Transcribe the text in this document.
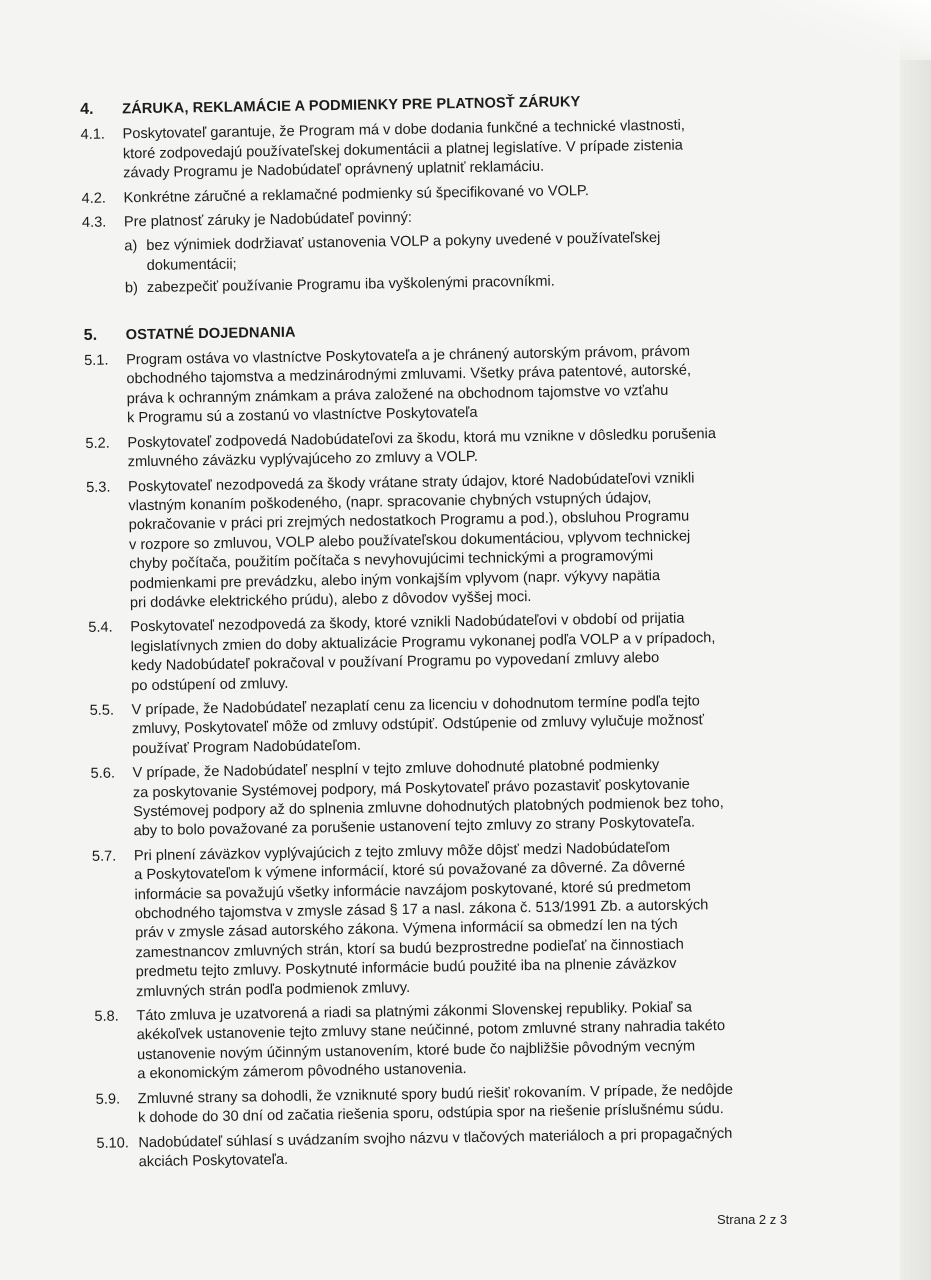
4.	ZÁRUKA, REKLAMÁCIE A PODMIENKY PRE PLATNOSŤ ZÁRUKY
4.1.	Poskytovateľ garantuje, že Program má v dobe dodania funkčné a technické vlastnosti,
ktoré zodpovedajú používateľskej dokumentácii a platnej legislatíve. V prípade zistenia
závady Programu je Nadobúdateľ oprávnený uplatniť reklamáciu.
4.2.	Konkrétne záručné a reklamačné podmienky sú špecifikované vo VOLP.
4.3.	Pre platnosť záruky je Nadobúdateľ povinný:
a) bez výnimiek dodržiavať ustanovenia VOLP a pokyny uvedené v používateľskej
dokumentácii;
b) zabezpečiť používanie Programu iba vyškolenými pracovníkmi.
5.	OSTATNÉ DOJEDNANIA
5.1.	Program ostáva vo vlastníctve Poskytovateľa a je chránený autorským právom, právom
obchodného tajomstva a medzinárodnými zmluvami. Všetky práva patentové, autorské,
práva k ochranným známkam a práva založené na obchodnom tajomstve vo vzťahu
k Programu sú a zostanú vo vlastníctve Poskytovateľa
5.2.	Poskytovateľ zodpovedá Nadobúdateľovi za škodu, ktorá mu vznikne v dôsledku porušenia
zmluvného záväzku vyplývajúceho zo zmluvy a VOLP.
5.3.	Poskytovateľ nezodpovedá za škody vrátane straty údajov, ktoré Nadobúdateľovi vznikli
vlastným konaním poškodeného, (napr. spracovanie chybných vstupných údajov,
pokračovanie v práci pri zrejmých nedostatkoch Programu a pod.), obsluhou Programu
v rozpore so zmluvou, VOLP alebo používateľskou dokumentáciou, vplyvom technickej
chyby počítača, použitím počítača s nevyhovujúcimi technickými a programovými
podmienkami pre prevádzku, alebo iným vonkajším vplyvom (napr. výkyvy napätia
pri dodávke elektrického prúdu), alebo z dôvodov vyššej moci.
5.4.	Poskytovateľ nezodpovedá za škody, ktoré vznikli Nadobúdateľovi v období od prijatia
legislatívnych zmien do doby aktualizácie Programu vykonanej podľa VOLP a v prípadoch,
kedy Nadobúdateľ pokračoval v používaní Programu po vypovedaní zmluvy alebo
po odstúpení od zmluvy.
5.5.	V prípade, že Nadobúdateľ nezaplatí cenu za licenciu v dohodnutom termíne podľa tejto
zmluvy, Poskytovateľ môže od zmluvy odstúpiť. Odstúpenie od zmluvy vylučuje možnosť
používať Program Nadobúdateľom.
5.6.	V prípade, že Nadobúdateľ nesplní v tejto zmluve dohodnuté platobné podmienky
za poskytovanie Systémovej podpory, má Poskytovateľ právo pozastaviť poskytovanie
Systémovej podpory až do splnenia zmluvne dohodnutých platobných podmienok bez toho,
aby to bolo považované za porušenie ustanovení tejto zmluvy zo strany Poskytovateľa.
5.7.	Pri plnení záväzkov vyplývajúcich z tejto zmluvy môže dôjsť medzi Nadobúdateľom
a Poskytovateľom k výmene informácií, ktoré sú považované za dôverné. Za dôverné
informácie sa považujú všetky informácie navzájom poskytované, ktoré sú predmetom
obchodného tajomstva v zmysle zásad § 17 a nasl. zákona č. 513/1991 Zb. a autorských
práv v zmysle zásad autorského zákona. Výmena informácií sa obmedzí len na tých
zamestnancov zmluvných strán, ktorí sa budú bezprostredne podieľať na činnostiach
predmetu tejto zmluvy. Poskytnuté informácie budú použité iba na plnenie záväzkov
zmluvných strán podľa podmienok zmluvy.
5.8.	Táto zmluva je uzatvorená a riadi sa platnými zákonmi Slovenskej republiky. Pokiaľ sa
akékoľvek ustanovenie tejto zmluvy stane neúčinné, potom zmluvné strany nahradia takéto
ustanovenie novým účinným ustanovením, ktoré bude čo najbližšie pôvodným vecným
a ekonomickým zámerom pôvodného ustanovenia.
5.9.	Zmluvné strany sa dohodli, že vzniknuté spory budú riešiť rokovaním. V prípade, že nedôjde
k dohode do 30 dní od začatia riešenia sporu, odstúpia spor na riešenie príslušnému súdu.
5.10. Nadobúdateľ súhlasí s uvádzaním svojho názvu v tlačových materiáloch a pri propagačných
akciách Poskytovateľa.
Strana 2 z 3
